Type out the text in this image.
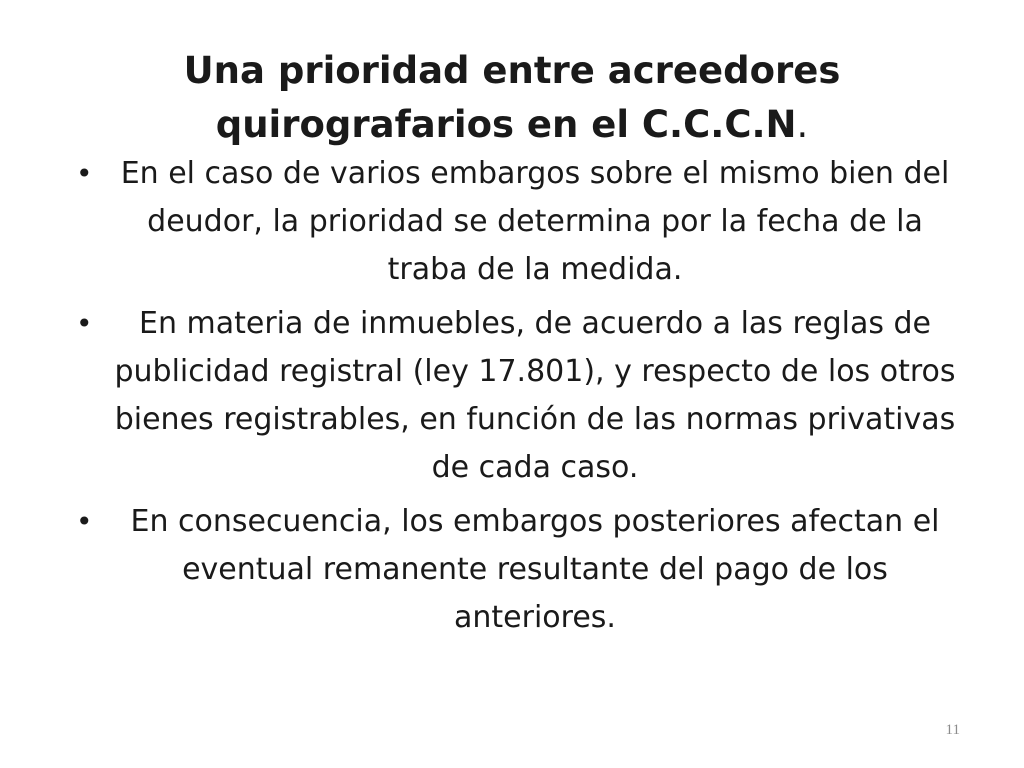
Una prioridad entre acreedores quirografarios en el C.C.C.N.
• En el caso de varios embargos sobre el mismo bien del deudor, la prioridad se determina por la fecha de la traba de la medida.
• En materia de inmuebles, de acuerdo a las reglas de publicidad registral (ley 17.801), y respecto de los otros bienes registrables, en función de las normas privativas de cada caso.
• En consecuencia, los embargos posteriores afectan el eventual remanente resultante del pago de los anteriores.
11
